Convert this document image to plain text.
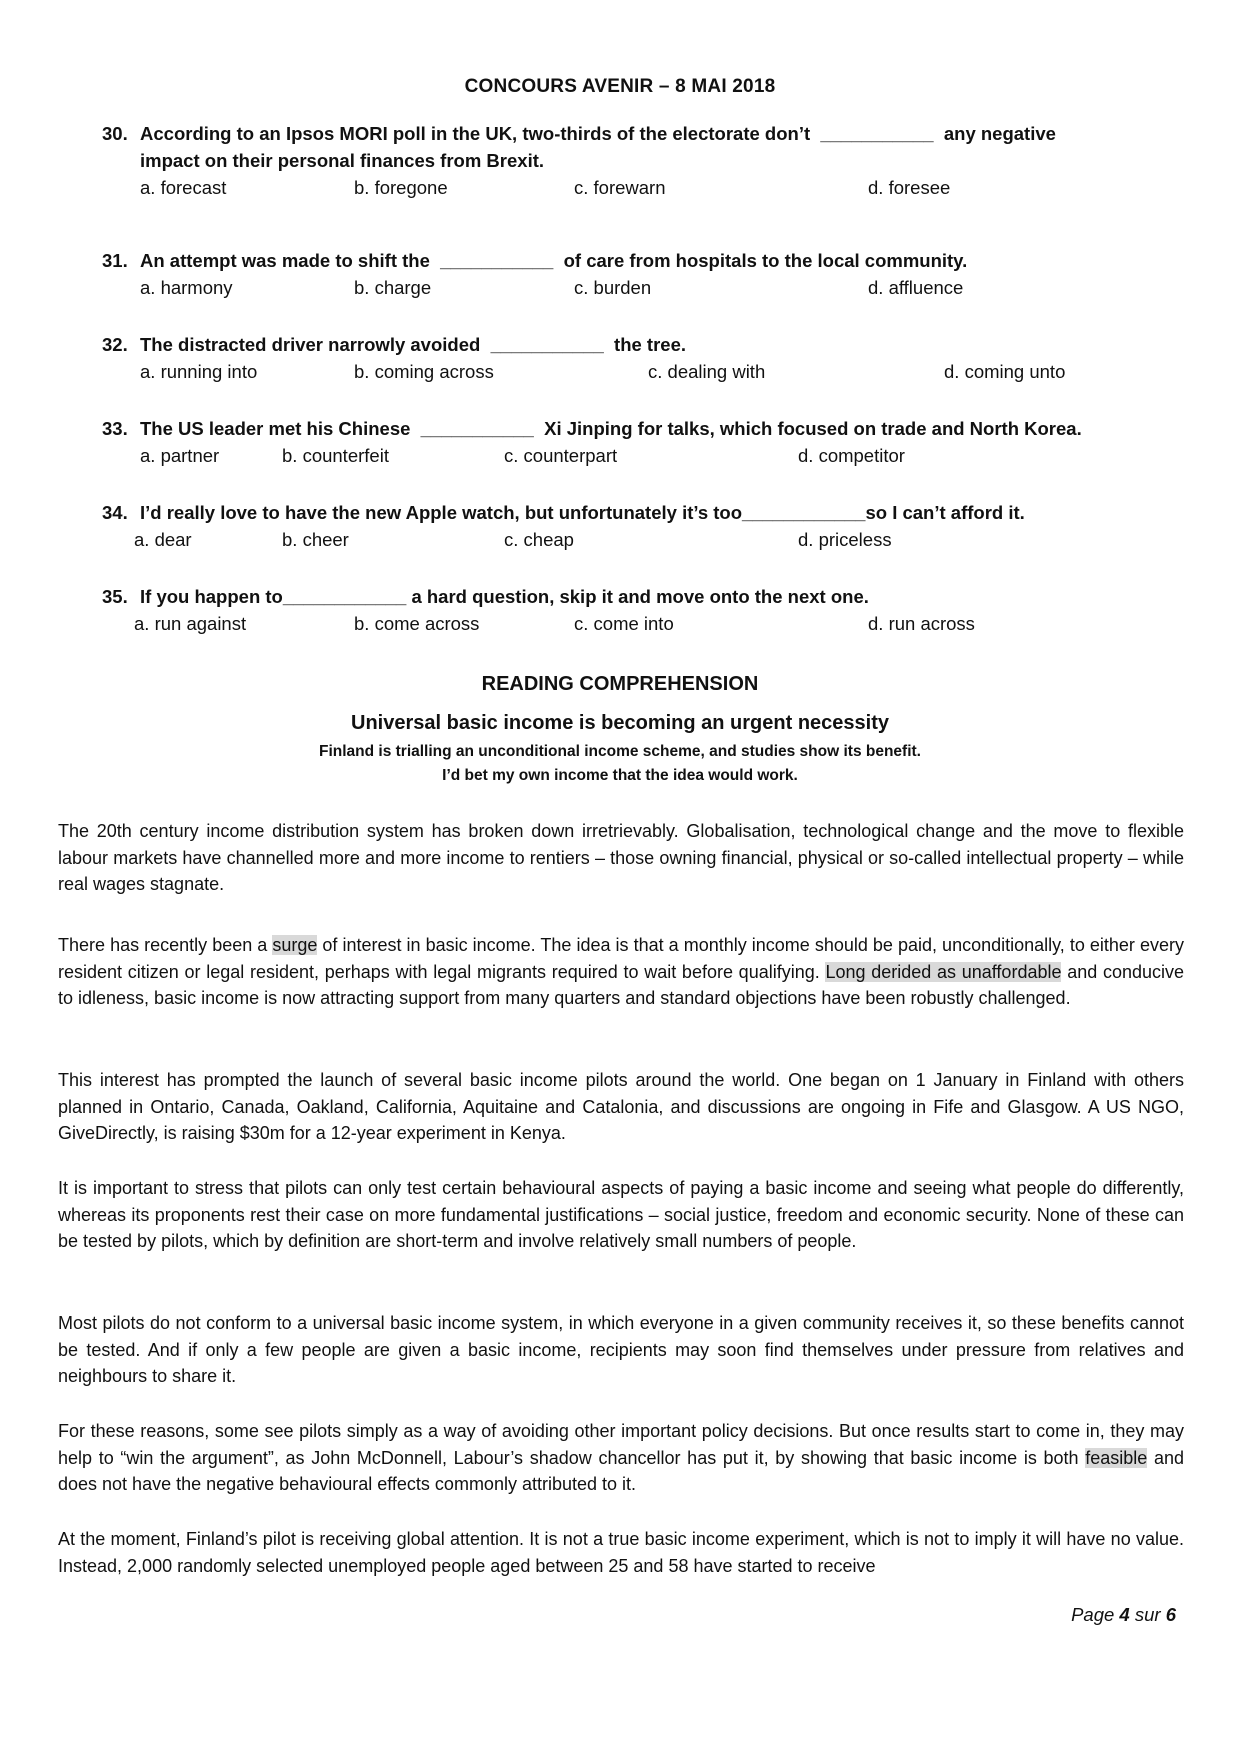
CONCOURS AVENIR – 8 MAI 2018
30. According to an Ipsos MORI poll in the UK, two-thirds of the electorate don’t  ___________  any negative
impact on their personal finances from Brexit.
a. forecast	b. foregone	c. forewarn	d. foresee
31. An attempt was made to shift the  ___________  of care from hospitals to the local community.
a. harmony	b. charge	c. burden	d. affluence
32. The distracted driver narrowly avoided  ___________  the tree.
a. running into	b. coming across	c. dealing with	d. coming unto
33. The US leader met his Chinese  ___________  Xi Jinping for talks, which focused on trade and North Korea.
a. partner	b. counterfeit	c. counterpart	d. competitor
34. I’d really love to have the new Apple watch, but unfortunately it’s too____________so I can’t afford it.
a. dear	b. cheer	c. cheap	d. priceless
35. If you happen to____________ a hard question, skip it and move onto the next one.
a. run against	b. come across	c. come into	d. run across
READING COMPREHENSION
Universal basic income is becoming an urgent necessity
Finland is trialling an unconditional income scheme, and studies show its benefit.
I’d bet my own income that the idea would work.
The 20th century income distribution system has broken down irretrievably. Globalisation, technological change and the move to flexible labour markets have channelled more and more income to rentiers – those owning financial, physical or so-called intellectual property – while real wages stagnate.
There has recently been a surge of interest in basic income. The idea is that a monthly income should be paid, unconditionally, to either every resident citizen or legal resident, perhaps with legal migrants required to wait before qualifying. Long derided as unaffordable and conducive to idleness, basic income is now attracting support from many quarters and standard objections have been robustly challenged.
This interest has prompted the launch of several basic income pilots around the world. One began on 1 January in Finland with others planned in Ontario, Canada, Oakland, California, Aquitaine and Catalonia, and discussions are ongoing in Fife and Glasgow. A US NGO, GiveDirectly, is raising $30m for a 12-year experiment in Kenya.
It is important to stress that pilots can only test certain behavioural aspects of paying a basic income and seeing what people do differently, whereas its proponents rest their case on more fundamental justifications – social justice, freedom and economic security. None of these can be tested by pilots, which by definition are short-term and involve relatively small numbers of people.
Most pilots do not conform to a universal basic income system, in which everyone in a given community receives it, so these benefits cannot be tested. And if only a few people are given a basic income, recipients may soon find themselves under pressure from relatives and neighbours to share it.
For these reasons, some see pilots simply as a way of avoiding other important policy decisions. But once results start to come in, they may help to “win the argument”, as John McDonnell, Labour’s shadow chancellor has put it, by showing that basic income is both feasible and does not have the negative behavioural effects commonly attributed to it.
At the moment, Finland’s pilot is receiving global attention. It is not a true basic income experiment, which is not to imply it will have no value. Instead, 2,000 randomly selected unemployed people aged between 25 and 58 have started to receive
Page 4 sur 6
